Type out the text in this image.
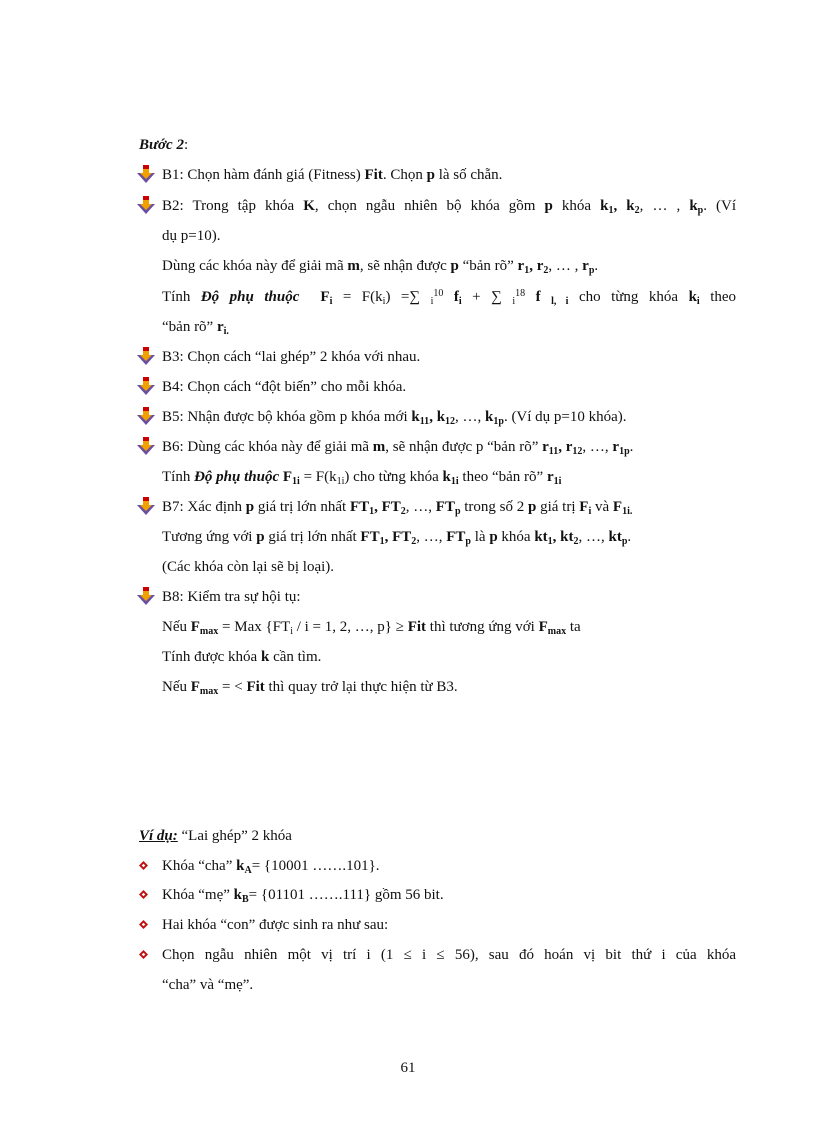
Bước 2:
B1: Chọn hàm đánh giá (Fitness) Fit. Chọn p là số chẵn.
B2: Trong tập khóa K, chọn ngẫu nhiên bộ khóa gồm p khóa $k_1$, $k_2$, … , $k_p$. (Ví
dụ p=10).
Dùng các khóa này để giải mã m, sẽ nhận được p “bản rõ” $r_1$, $r_2$, … , $r_p$.
Tính Độ phụ thuộc $F_i = F(k_i)$ =∑ $_i^{10}$ $f_i$ + ∑ $_i^{18}$ f $_{l, i}$ cho từng khóa $k_i$ theo
“bản rõ” $r_{i.}$
B3: Chọn cách “lai ghép” 2 khóa với nhau.
B4: Chọn cách “đột biến” cho mỗi khóa.
B5: Nhận được bộ khóa gồm p khóa mới $k_{11}$, $k_{12}$, …, $k_{1p}$. (Ví dụ p=10 khóa).
B6: Dùng các khóa này để giải mã m, sẽ nhận được p “bản rõ” $r_{11}$, $r_{12}$, …, $r_{1p}$.
Tính Độ phụ thuộc $F_{1i} = F(k_{1i})$ cho từng khóa $k_{1i}$ theo “bản rõ” $r_{1i}$
B7: Xác định p giá trị lớn nhất $FT_1$, $FT_2$, …, $FT_p$ trong số 2 p giá trị $F_i$ và $F_{1i.}$
Tương ứng với p giá trị lớn nhất $FT_1$, $FT_2$, …, $FT_p$ là p khóa $kt_1$, $kt_2$, …, $kt_p$.
(Các khóa còn lại sẽ bị loại).
B8: Kiểm tra sự hội tụ:
Nếu $F_{max}$ = Max {$FT_i / i = 1$, 2, …, p} ≥ Fit thì tương ứng với $F_{max}$ ta
Tính được khóa k cần tìm.
Nếu $F_{max}$ = < Fit thì quay trở lại thực hiện từ B3.
Ví dụ: “Lai ghép” 2 khóa
Khóa “cha” $k_A= \{10001$ …….101}.
Khóa “mẹ” $k_B= \{01101$ …….111} gồm 56 bit.
Hai khóa “con” được sinh ra như sau:
Chọn ngẫu nhiên một vị trí i (1 ≤ i ≤ 56), sau đó hoán vị bit thứ i của khóa
“cha” và “mẹ”.
61
